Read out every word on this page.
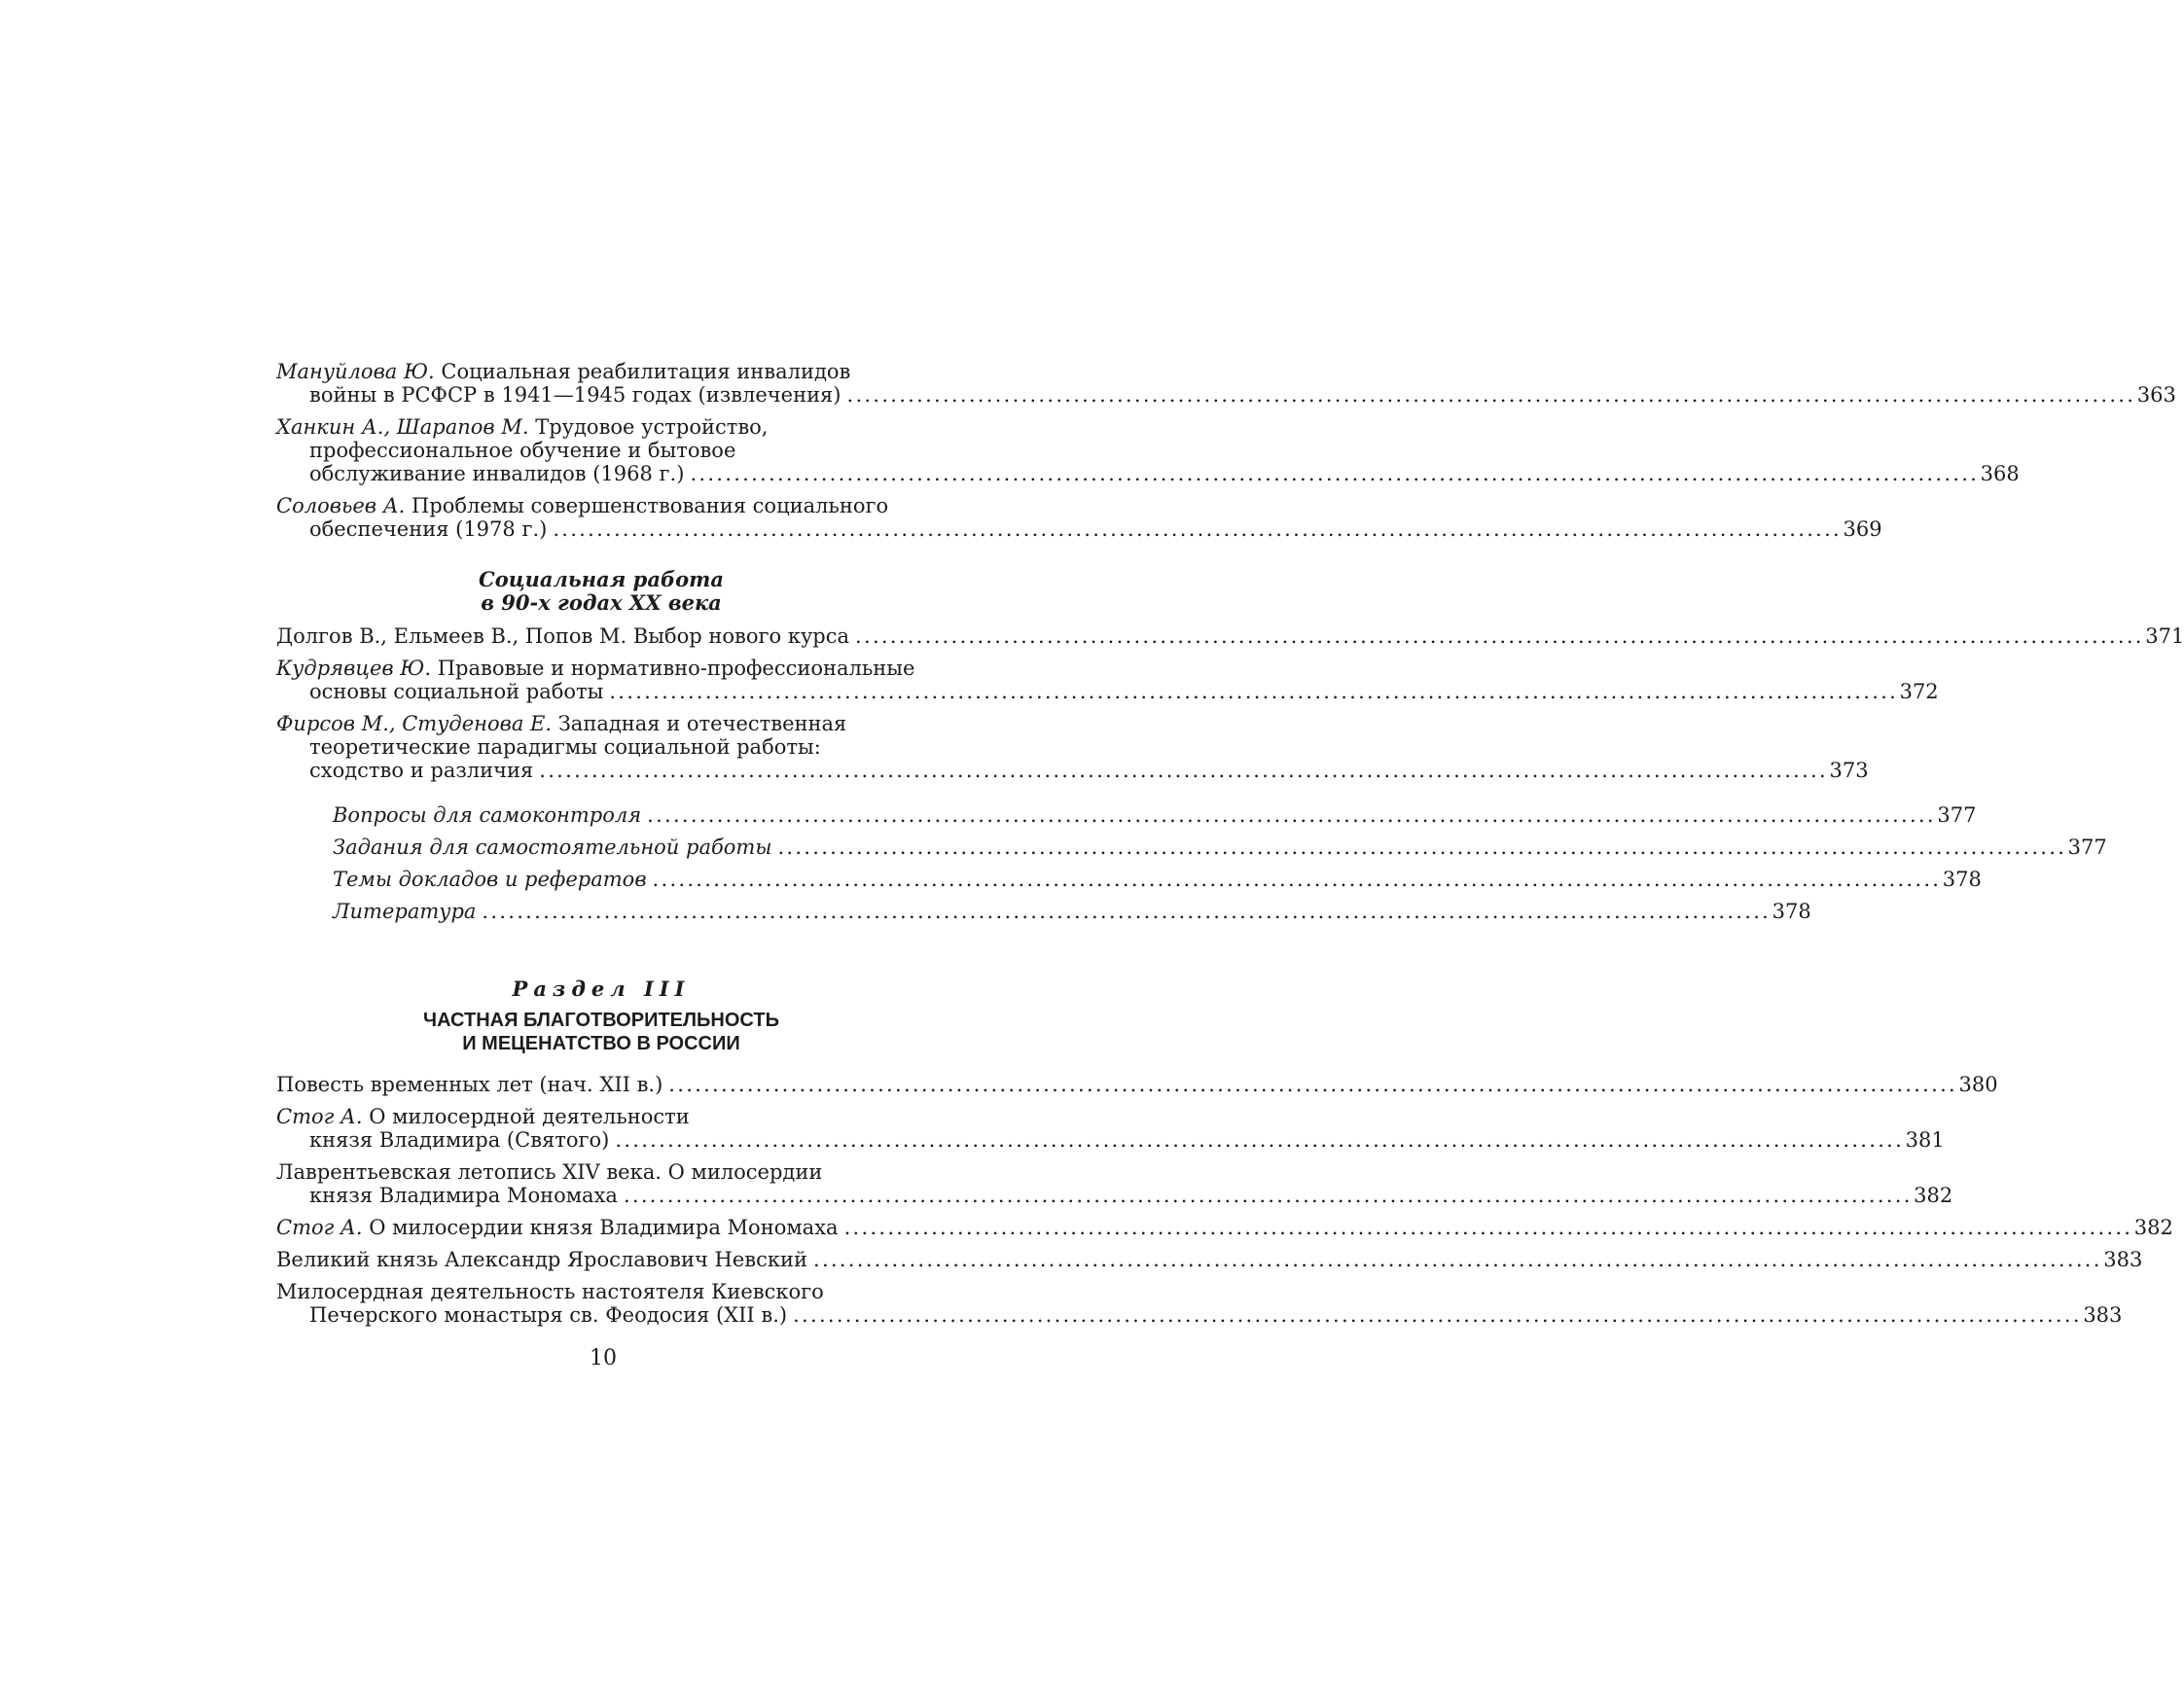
Мануйлова Ю. Социальная реабилитация инвалидов
войны в РСФСР в 1941—1945 годах (извлечения) . . .	363
Ханкин А., Шарапов М. Трудовое устройство,
профессиональное обучение и бытовое
обслуживание инвалидов (1968 г.) . . .	368
Соловьев А. Проблемы совершенствования социального
обеспечения (1978 г.) . . .	369
Социальная работа
в 90-х годах XX века
Долгов В., Ельмеев В., Попов М. Выбор нового курса . . .	371
Кудрявцев Ю. Правовые и нормативно-профессиональные
основы социальной работы . . .	372
Фирсов М., Студенова Е. Западная и отечественная
теоретические парадигмы социальной работы:
сходство и различия . . .	373
Вопросы для самоконтроля . . .	377
Задания для самостоятельной работы . . .	377
Темы докладов и рефератов . . .	378
Литература . . .	378
Раздел III
ЧАСТНАЯ БЛАГОТВОРИТЕЛЬНОСТЬ
И МЕЦЕНАТСТВО В РОССИИ
Повесть временных лет (нач. XII в.) . . .	380
Стог А. О милосердной деятельности
князя Владимира (Святого) . . .	381
Лаврентьевская летопись XIV века. О милосердии
князя Владимира Мономаха . . .	382
Стог А. О милосердии князя Владимира Мономаха . . .	382
Великий князь Александр Ярославович Невский . . .	383
Милосердная деятельность настоятеля Киевского
Печерского монастыря св. Феодосия (XII в.) . . .	383
10
